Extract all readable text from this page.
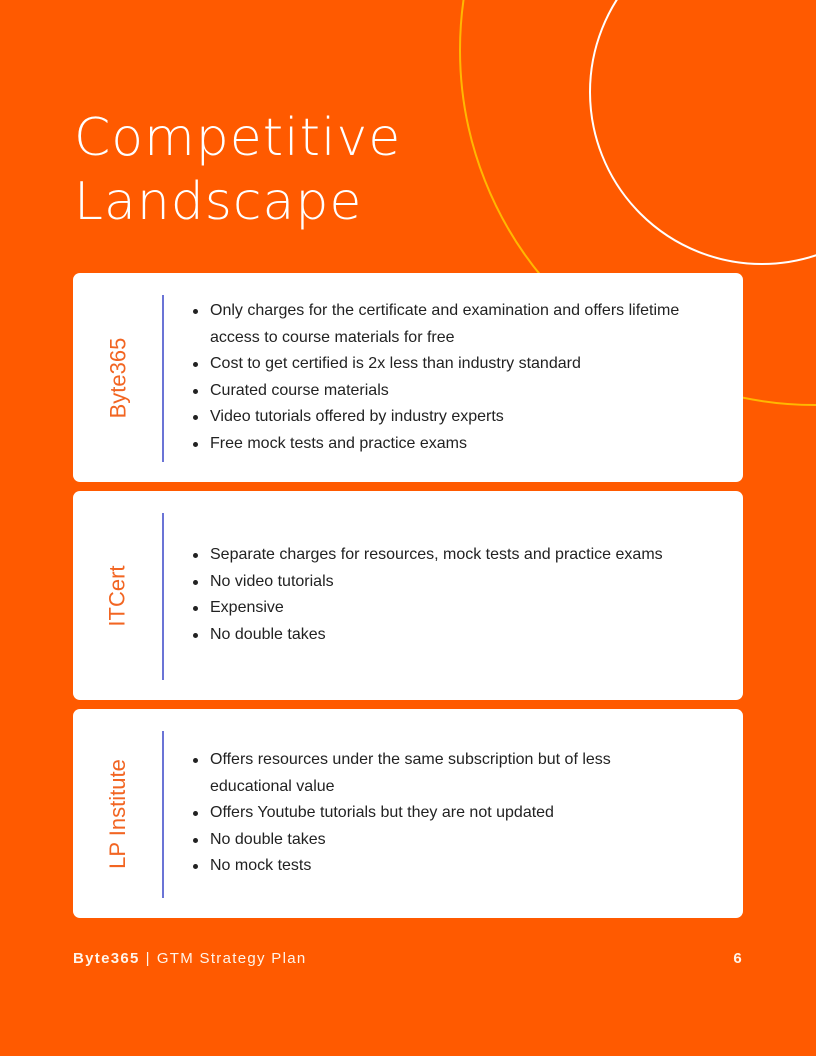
Competitive
Landscape
Byte365
Only charges for the certificate and examination and offers lifetime access to course materials for free
Cost to get certified is 2x less than industry standard
Curated course materials
Video tutorials offered by industry experts
Free mock tests and practice exams
ITCert
Separate charges for resources, mock tests and practice exams
No video tutorials
Expensive
No double takes
LP Institute	Offers resources under the same subscription but of less educational value
Offers Youtube tutorials but they are not updated
No double takes
No mock tests
Byte365 | GTM Strategy Plan	6
